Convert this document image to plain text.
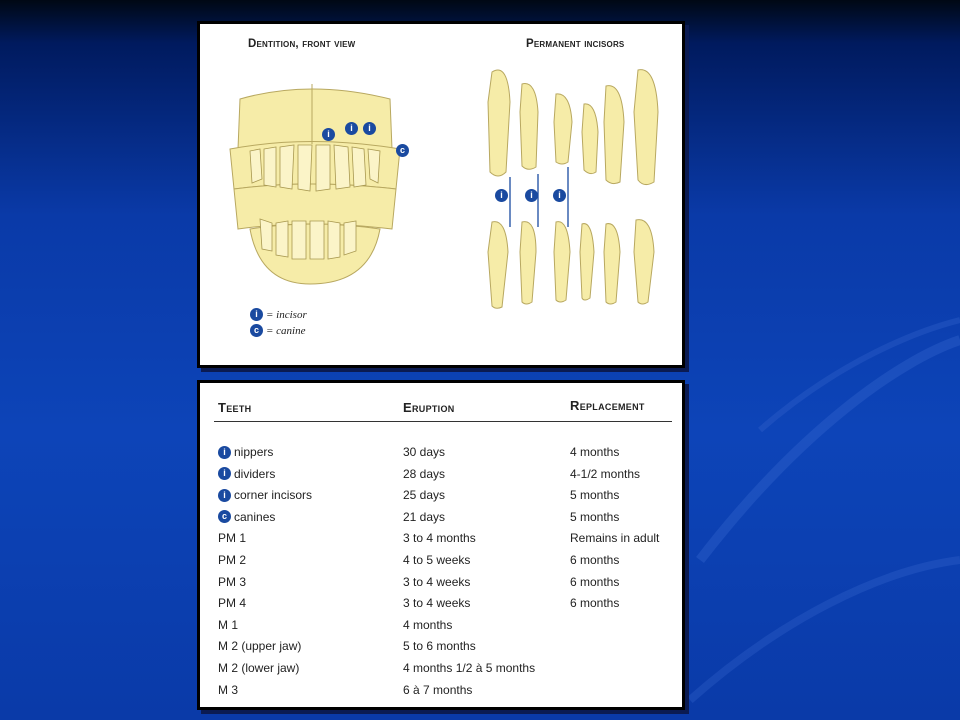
Dentition, front view	Permanent incisors
i
i	i
c
i	i	i
i = incisor
c = canine
Teeth	Eruption	Replacement
i nippers	30 days	4 months
i dividers	28 days	4-1/2 months
i corner incisors	25 days	5 months
c canines	21 days	5 months
PM 1	3 to 4 months	Remains in adult
PM 2	4 to 5 weeks	6 months
PM 3	3 to 4 weeks	6 months
PM 4	3 to 4 weeks	6 months
M 1	4 months
M 2 (upper jaw)	5 to 6 months
M 2 (lower jaw)	4 months 1/2 à 5 months
M 3	6 à 7 months
